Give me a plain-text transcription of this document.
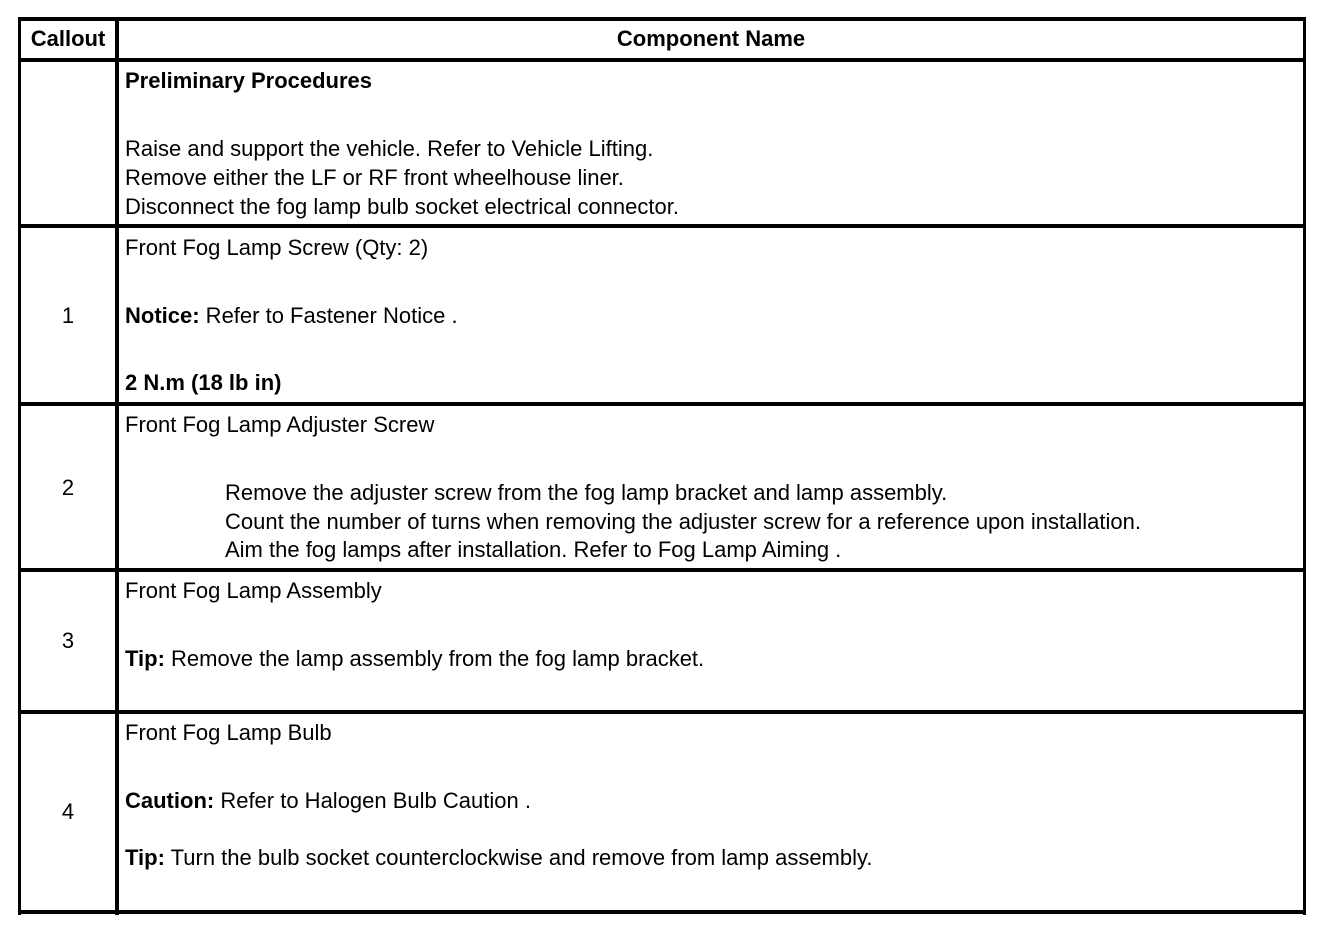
Callout	Component Name
Preliminary Procedures
Raise and support the vehicle. Refer to Vehicle Lifting.
Remove either the LF or RF front wheelhouse liner.
Disconnect the fog lamp bulb socket electrical connector.
1
Front Fog Lamp Screw (Qty: 2)
Notice: Refer to Fastener Notice .
2 N.m (18 lb in)
2
Front Fog Lamp Adjuster Screw
Remove the adjuster screw from the fog lamp bracket and lamp assembly.
Count the number of turns when removing the adjuster screw for a reference upon installation.
Aim the fog lamps after installation. Refer to Fog Lamp Aiming .
3
Front Fog Lamp Assembly
Tip: Remove the lamp assembly from the fog lamp bracket.
4
Front Fog Lamp Bulb
Caution: Refer to Halogen Bulb Caution .
Tip: Turn the bulb socket counterclockwise and remove from lamp assembly.
